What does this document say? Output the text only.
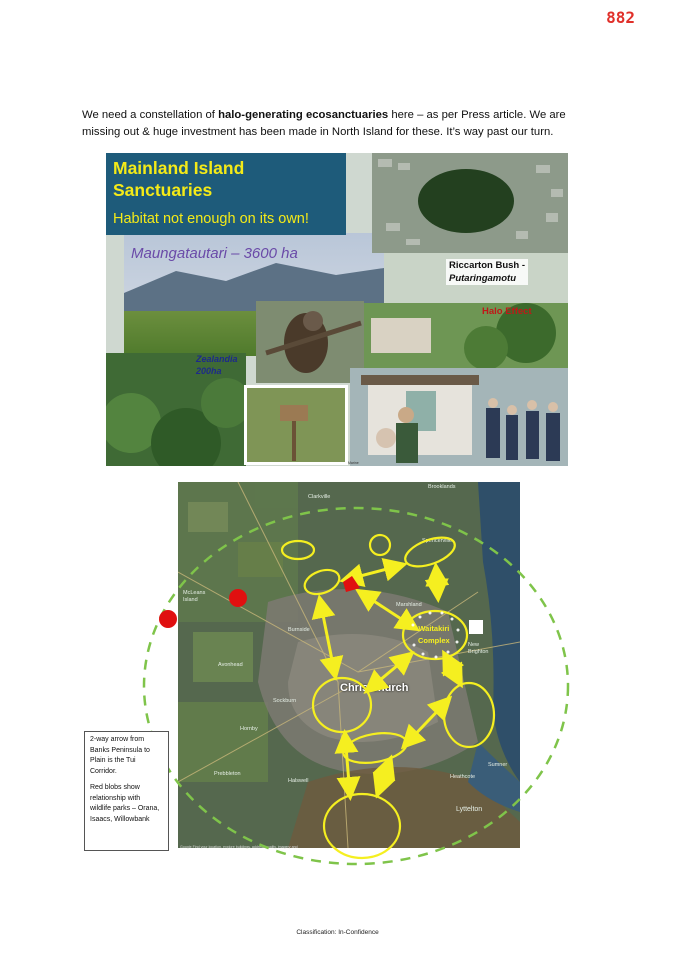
882
We need a constellation of halo-generating ecosanctuaries here – as per Press article. We are missing out & huge investment has been made in North Island for these. It’s way past our turn.
Mainland Island
Sanctuaries
Habitat not enough on its own!
Maungatautari – 3600 ha
Riccarton Bush -
Putaringamotu
Halo Effect
Zealandia
200ha
Marine
Clarkville
Brooklands
McLeans Island
Spencerville
Marshland
New Brighton
Burnside
Hornby
Halswell
Prebbleton
Lyttelton
Sumner
Heathcote
Sockburn
Avonhead
Christchurch
Google Find your location, explore buildings, address quality, imagery and
Waitakiri
Complex

2-way arrow from Banks Peninsula to Plain is the Tui Corridor.

Red blobs show relationship with wildlife parks – Orana, Isaacs, Willowbank

Classification: In-Confidence
